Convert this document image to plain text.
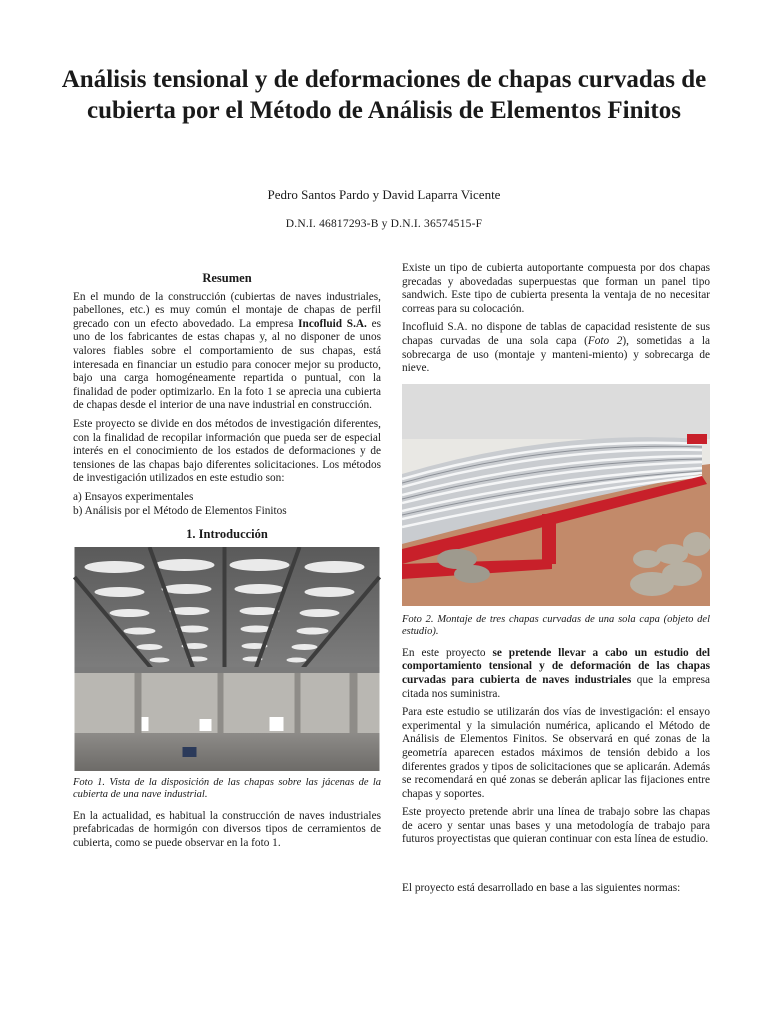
Análisis tensional y de deformaciones de chapas curvadas de cubierta por el Método de Análisis de Elementos Finitos
Pedro Santos Pardo y David Laparra Vicente
D.N.I. 46817293-B y D.N.I. 36574515-F
Resumen

En el mundo de la construcción (cubiertas de naves industriales, pabellones, etc.) es muy común el montaje de chapas de perfil grecado con un efecto abovedado. La empresa Incofluid S.A. es uno de los fabricantes de estas chapas y, al no disponer de unos valores fiables sobre el comportamiento de sus chapas, está interesada en financiar un estudio para conocer mejor su producto, bajo una carga homogéneamente repartida o puntual, con la finalidad de poder optimizarlo. En la foto 1 se aprecia una cubierta de chapas desde el interior de una nave industrial en construcción.

Este proyecto se divide en dos métodos de investigación diferentes, con la finalidad de recopilar información que pueda ser de especial interés en el conocimiento de los estados de deformaciones y de tensiones de las chapas bajo diferentes solicitaciones. Los métodos de investigación utilizados en este estudio son:

a) Ensayos experimentales
b) Análisis por el Método de Elementos Finitos
1. Introducción
Foto 1. Vista de la disposición de las chapas sobre las jácenas de la cubierta de una nave industrial.

En la actualidad, es habitual la construcción de naves industriales prefabricadas de hormigón con diversos tipos de cerramientos de cubierta, como se puede observar en la foto 1.

Existe un tipo de cubierta autoportante compuesta por dos chapas grecadas y abovedadas superpuestas que forman un panel tipo sandwich. Este tipo de cubierta presenta la ventaja de no necesitar correas para su colocación.

Incofluid S.A. no dispone de tablas de capacidad resistente de sus chapas curvadas de una sola capa (Foto 2), sometidas a la sobrecarga de uso (montaje y manteni-miento) y sobrecarga de nieve.

Foto 2. Montaje de tres chapas curvadas de una sola capa (objeto del estudio).

En este proyecto se pretende llevar a cabo un estudio del comportamiento tensional y de deformación de las chapas curvadas para cubierta de naves industriales que la empresa citada nos suministra.

Para este estudio se utilizarán dos vías de investigación: el ensayo experimental y la simulación numérica, aplicando el Método de Análisis de Elementos Finitos. Se observará en qué zonas de la geometría aparecen estados máximos de tensión debido a los diferentes grados y tipos de solicitaciones que se aplicarán. Además se recomendará en qué zonas se deberán aplicar las fijaciones entre chapas y soportes.

Este proyecto pretende abrir una línea de trabajo sobre las chapas de acero y sentar unas bases y una metodología de trabajo para futuros proyectistas que quieran continuar con esta línea de estudio.

El proyecto está desarrollado en base a las siguientes normas:
